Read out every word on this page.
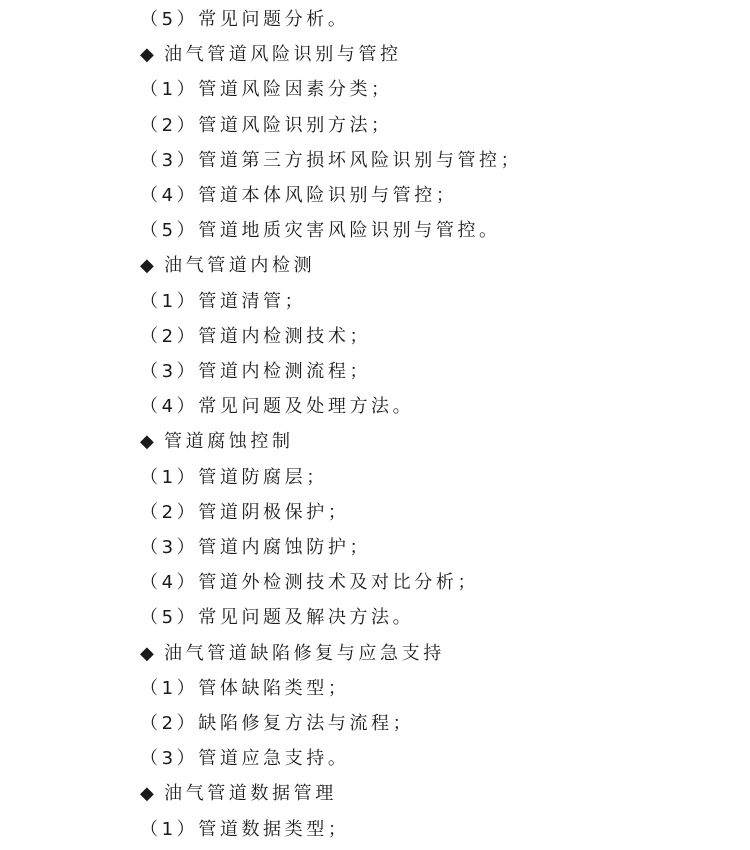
（5）常见问题分析。
◆ 油气管道风险识别与管控
（1）管道风险因素分类；
（2）管道风险识别方法；
（3）管道第三方损坏风险识别与管控；
（4）管道本体风险识别与管控；
（5）管道地质灾害风险识别与管控。
◆ 油气管道内检测
（1）管道清管；
（2）管道内检测技术；
（3）管道内检测流程；
（4）常见问题及处理方法。
◆ 管道腐蚀控制
（1）管道防腐层；
（2）管道阴极保护；
（3）管道内腐蚀防护；
（4）管道外检测技术及对比分析；
（5）常见问题及解决方法。
◆ 油气管道缺陷修复与应急支持
（1）管体缺陷类型；
（2）缺陷修复方法与流程；
（3）管道应急支持。
◆ 油气管道数据管理
（1）管道数据类型；
